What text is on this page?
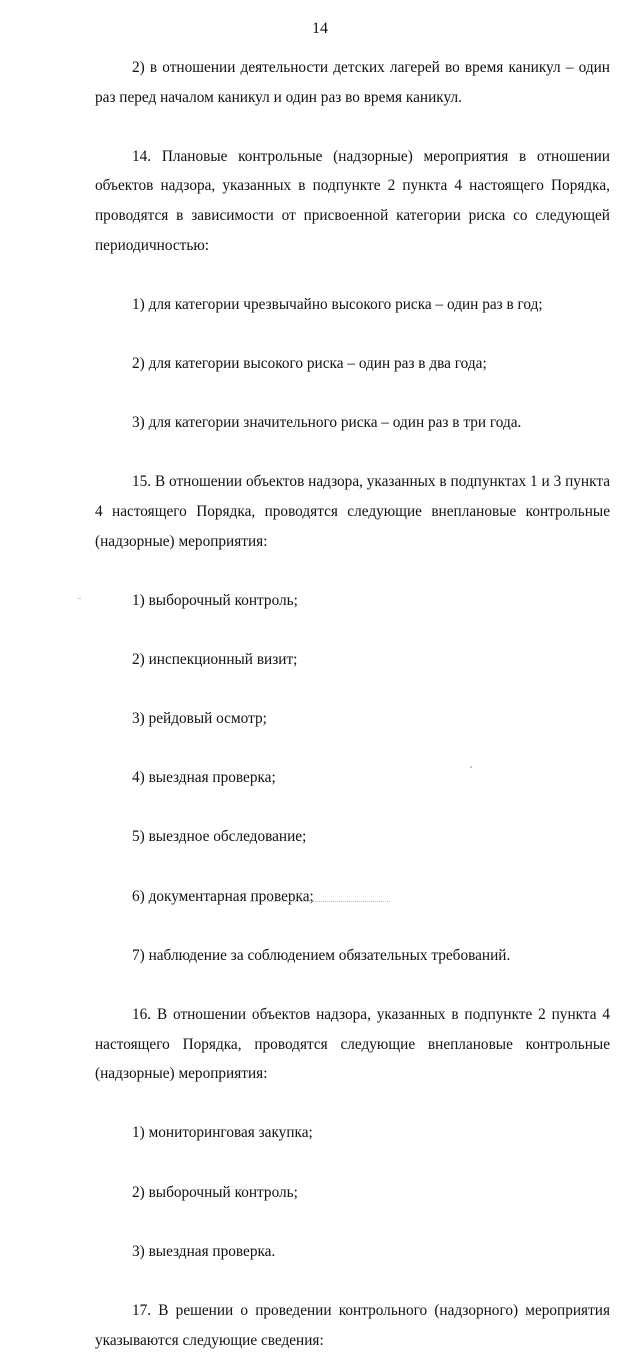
14

2) в отношении деятельности детских лагерей во время каникул – один раз перед началом каникул и один раз во время каникул.

14. Плановые контрольные (надзорные) мероприятия в отношении объектов надзора, указанных в подпункте 2 пункта 4 настоящего Порядка, проводятся в зависимости от присвоенной категории риска со следующей периодичностью:

1) для категории чрезвычайно высокого риска – один раз в год;

2) для категории высокого риска – один раз в два года;

3) для категории значительного риска – один раз в три года.

15. В отношении объектов надзора, указанных в подпунктах 1 и 3 пункта 4 настоящего Порядка, проводятся следующие внеплановые контрольные (надзорные) мероприятия:

1) выборочный контроль;

2) инспекционный визит;

3) рейдовый осмотр;

4) выездная проверка;

5) выездное обследование;

6) документарная проверка;

7) наблюдение за соблюдением обязательных требований.

16. В отношении объектов надзора, указанных в подпункте 2 пункта 4 настоящего Порядка, проводятся следующие внеплановые контрольные (надзорные) мероприятия:

1) мониторинговая закупка;

2) выборочный контроль;

3) выездная проверка.

17. В решении о проведении контрольного (надзорного) мероприятия указываются следующие сведения:
